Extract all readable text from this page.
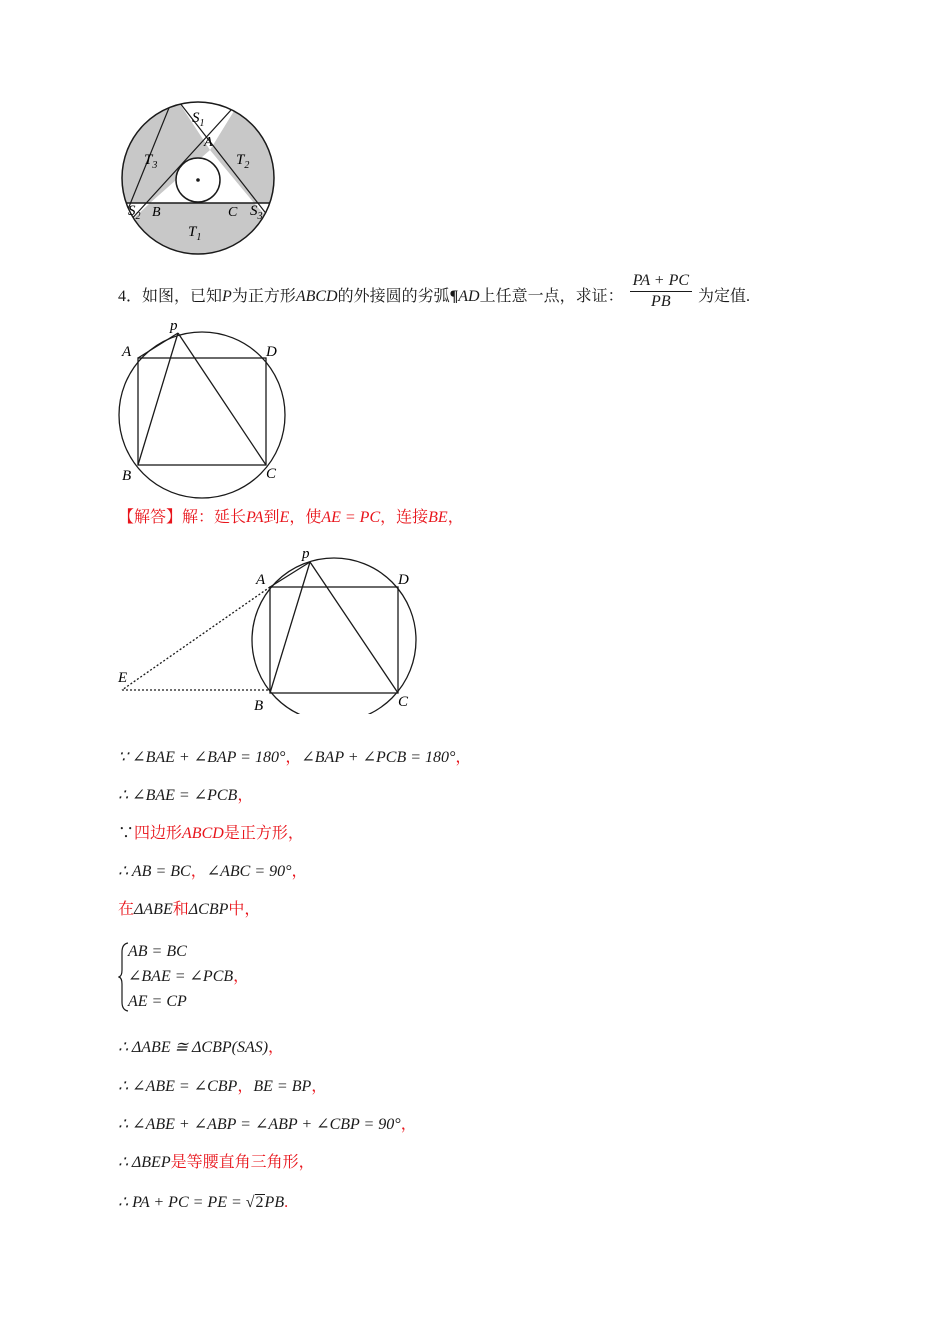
$S_1$
A
$T_3$	$T_2$
$S_2$ B	C $S_3$
$T_1$
4．如图，已知P为正方形ABCD的外接圆的劣弧¶AD上任意一点，求证： $\frac{PA + PC}{PB}$ 为定值.
p
A	D
B	C
【解答】解：延长PA到E，使AE = PC，连接BE，
p
A	D
E
B	C
∵ ∠BAE + ∠BAP = 180°，∠BAP + ∠PCB = 180°，
∴ ∠BAE = ∠PCB，
∵四边形ABCD是正方形，
∴ AB = BC，∠ABC = 90°，
在ΔABE和ΔCBP中，
AB = BC
∠BAE = ∠PCB，
AE = CP
∴ ΔABE ≅ ΔCBP(SAS)，
∴ ∠ABE = ∠CBP，BE = BP，
∴ ∠ABE + ∠ABP = ∠ABP + ∠CBP = 90°，
∴ ΔBEP是等腰直角三角形，
∴ PA + PC = PE = √2PB.
